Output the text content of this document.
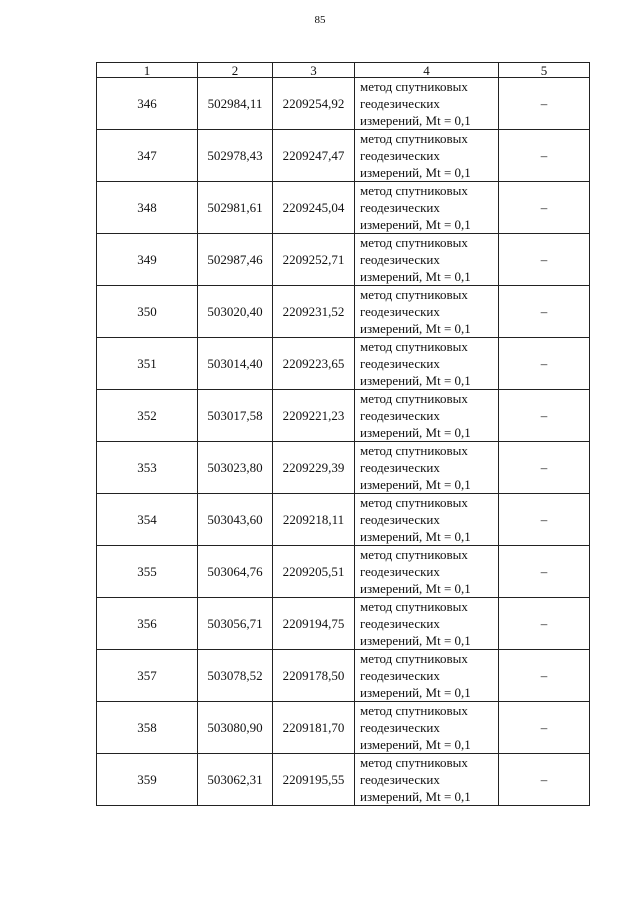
85
1	2	3	4	5
346	502984,11	2209254,92	метод спутниковых
геодезических
измерений, Mt = 0,1	–
347	502978,43	2209247,47	метод спутниковых
геодезических
измерений, Mt = 0,1	–
348	502981,61	2209245,04	метод спутниковых
геодезических
измерений, Mt = 0,1	–
349	502987,46	2209252,71	метод спутниковых
геодезических
измерений, Mt = 0,1	–
350	503020,40	2209231,52	метод спутниковых
геодезических
измерений, Mt = 0,1	–
351	503014,40	2209223,65	метод спутниковых
геодезических
измерений, Mt = 0,1	–
352	503017,58	2209221,23	метод спутниковых
геодезических
измерений, Mt = 0,1	–
353	503023,80	2209229,39	метод спутниковых
геодезических
измерений, Mt = 0,1	–
354	503043,60	2209218,11	метод спутниковых
геодезических
измерений, Mt = 0,1	–
355	503064,76	2209205,51	метод спутниковых
геодезических
измерений, Mt = 0,1	–
356	503056,71	2209194,75	метод спутниковых
геодезических
измерений, Mt = 0,1	–
357	503078,52	2209178,50	метод спутниковых
геодезических
измерений, Mt = 0,1	–
358	503080,90	2209181,70	метод спутниковых
геодезических
измерений, Mt = 0,1	–
359	503062,31	2209195,55	метод спутниковых
геодезических
измерений, Mt = 0,1	–
